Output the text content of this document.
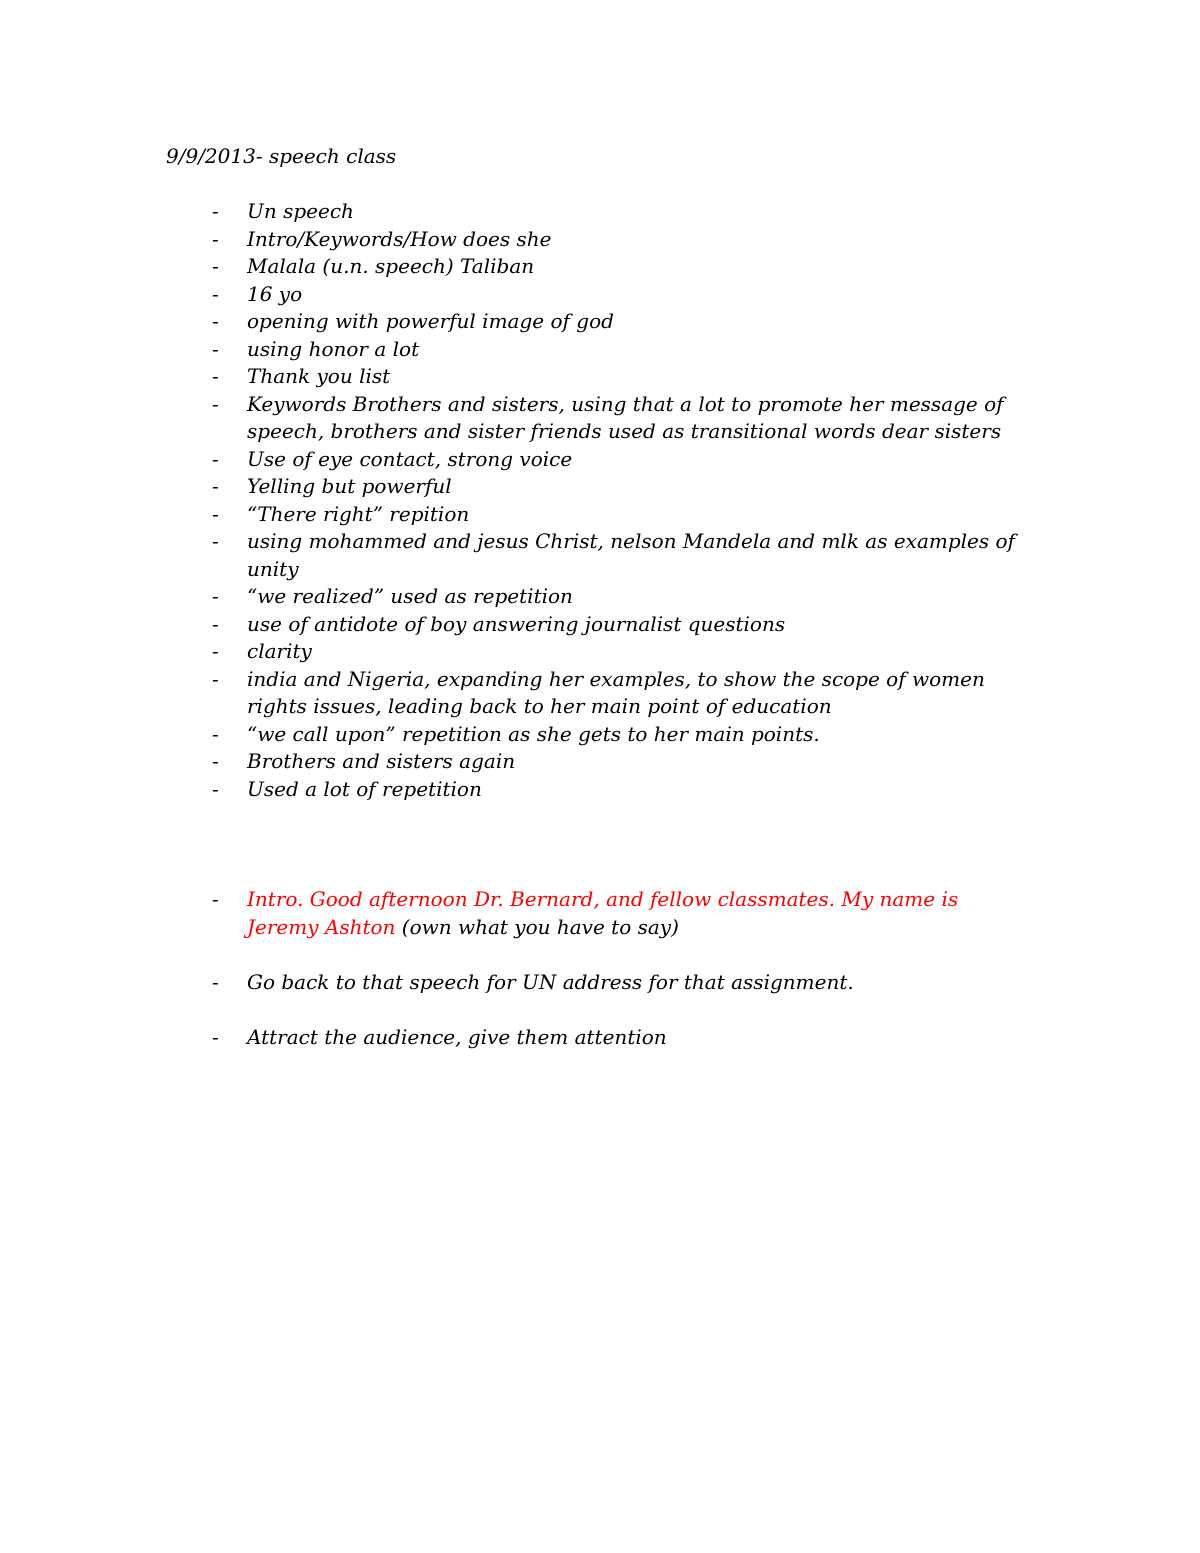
9/9/2013- speech class
- Un speech
- Intro/Keywords/How does she
- Malala (u.n. speech) Taliban
- 16 yo
- opening with powerful image of god
- using honor a lot
- Thank you list
- Keywords Brothers and sisters, using that a lot to promote her message of speech, brothers and sister friends used as transitional words dear sisters
- Use of eye contact, strong voice
- Yelling but powerful
- “There right” repition
- using mohammed and jesus Christ, nelson Mandela and mlk as examples of unity
- “we realized” used as repetition
- use of antidote of boy answering journalist questions
- clarity
- india and Nigeria, expanding her examples, to show the scope of women rights issues, leading back to her main point of education
- “we call upon” repetition as she gets to her main points.
- Brothers and sisters again
- Used a lot of repetition
- Intro. Good afternoon Dr. Bernard, and fellow classmates. My name is Jeremy Ashton (own what you have to say)
- Go back to that speech for UN address for that assignment.
- Attract the audience, give them attention
